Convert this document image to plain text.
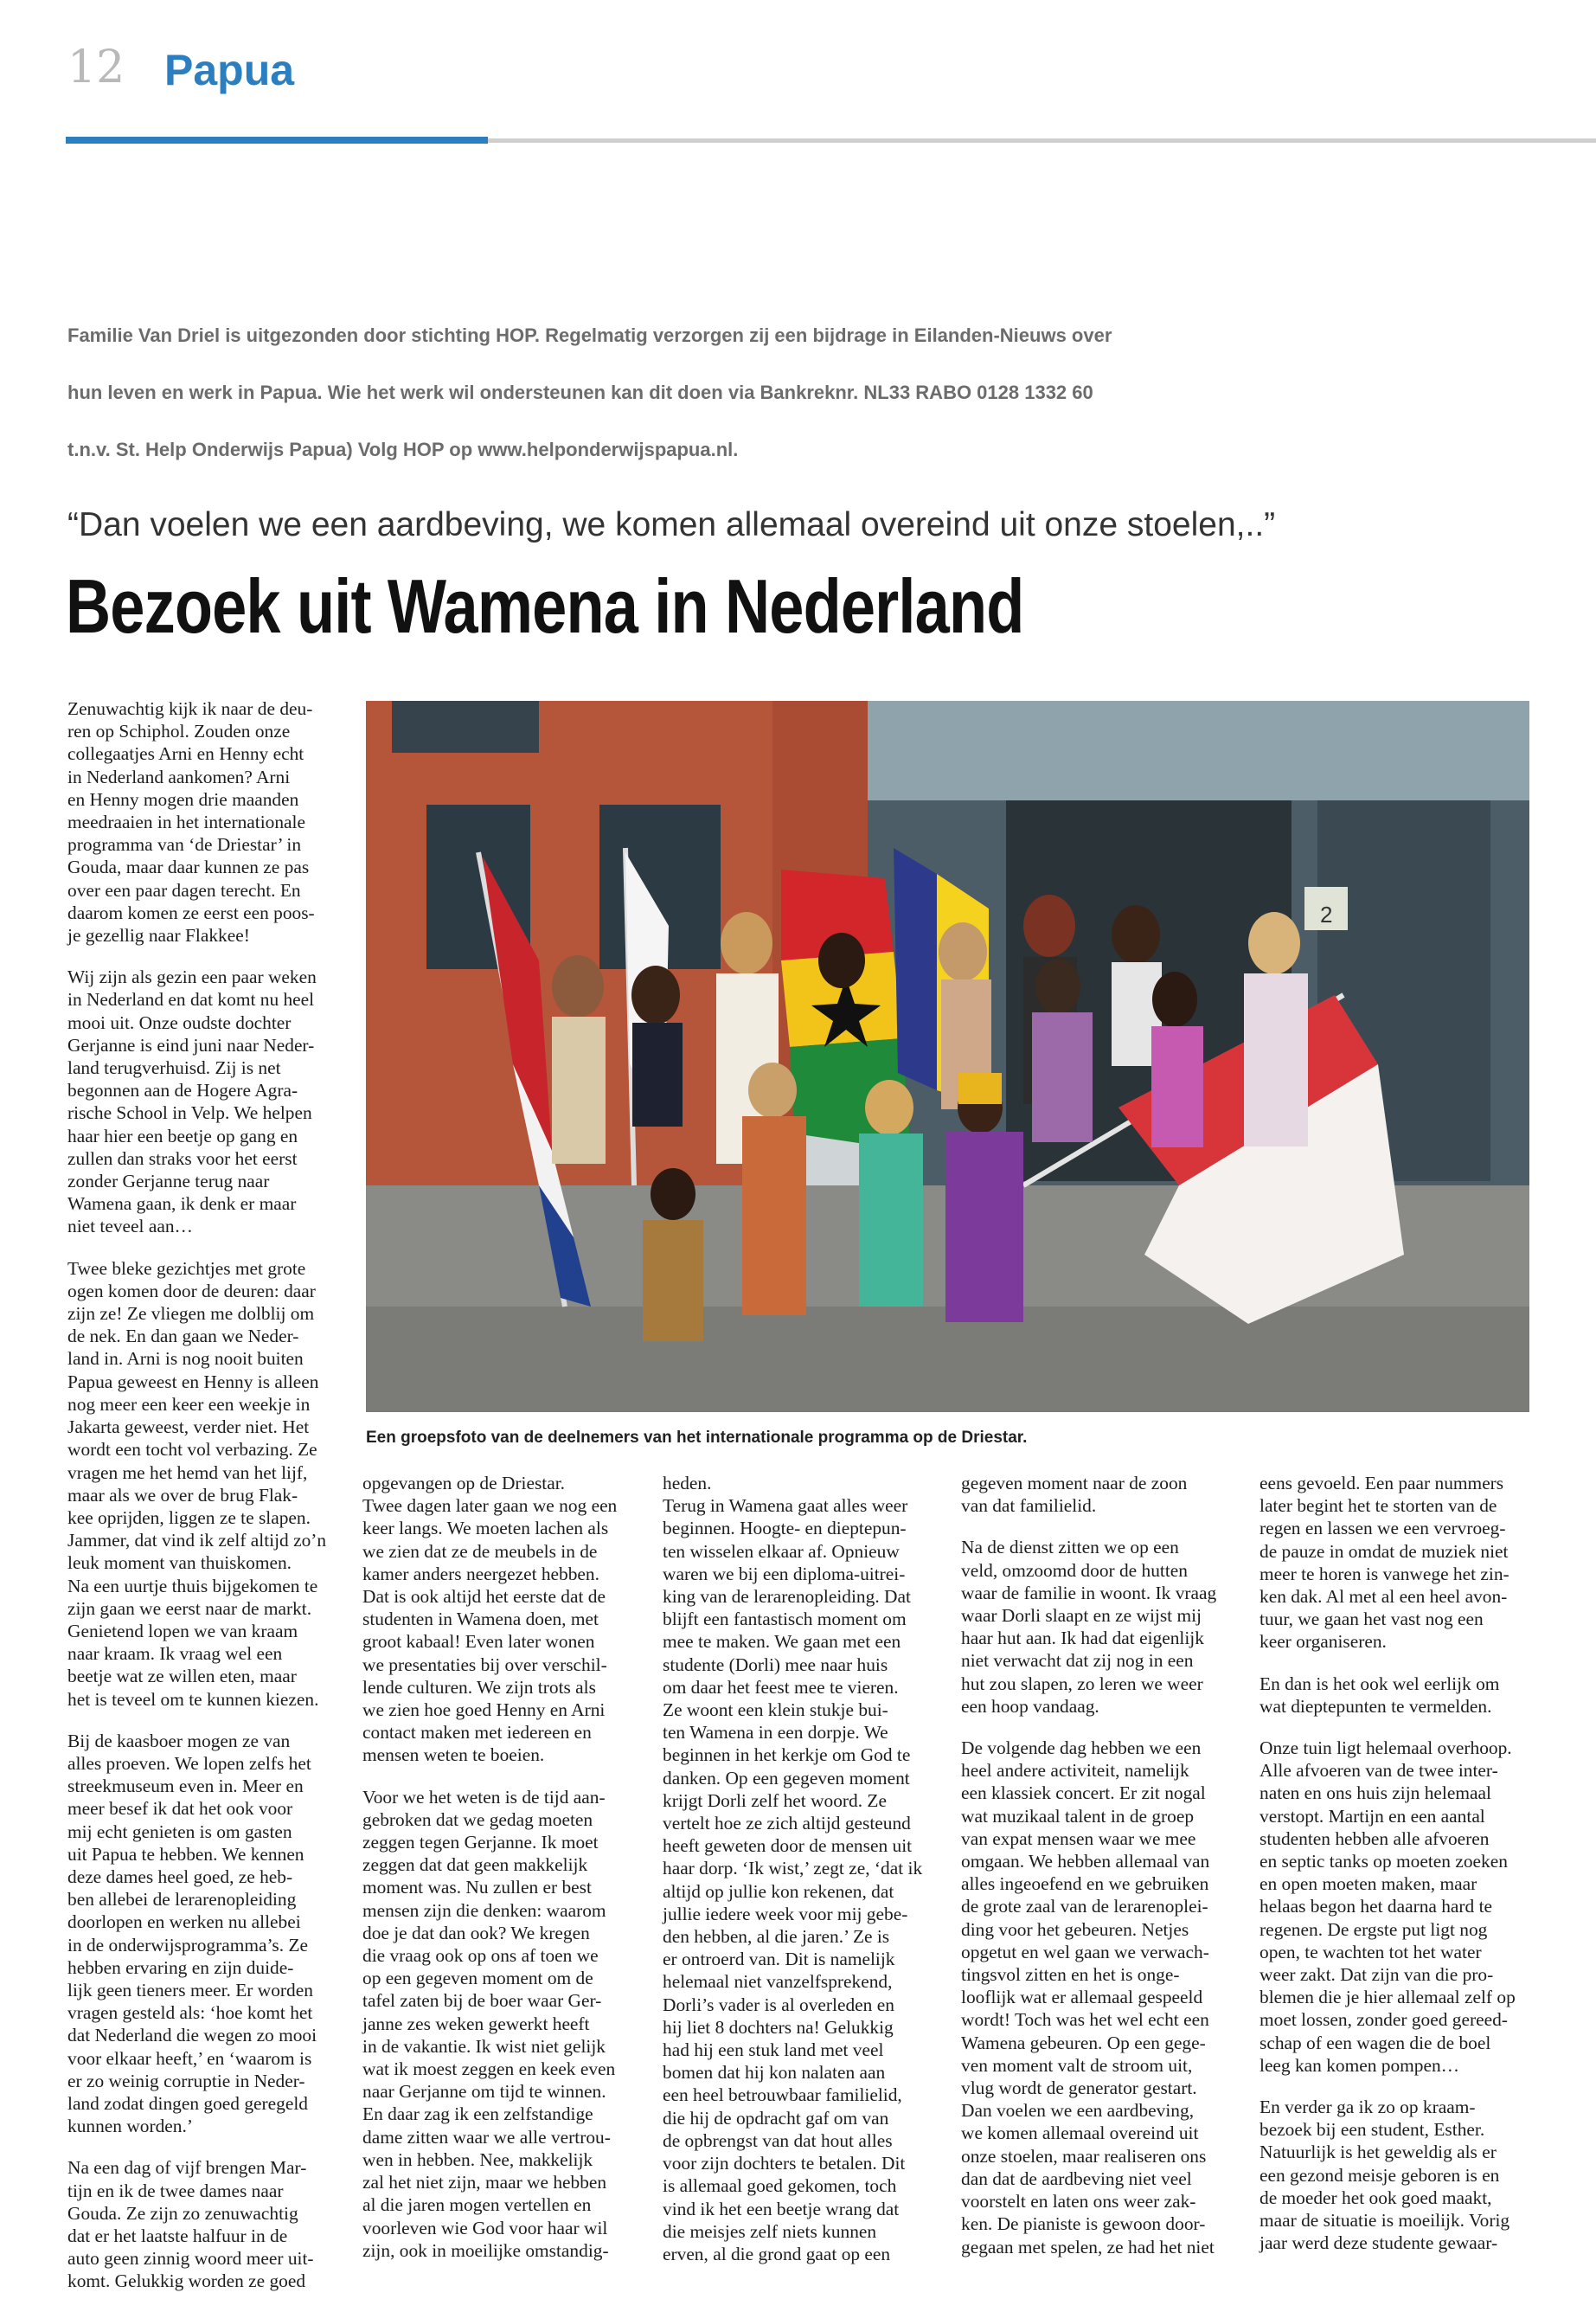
12 Papua
Familie Van Driel is uitgezonden door stichting HOP. Regelmatig verzorgen zij een bijdrage in Eilanden-Nieuws over
hun leven en werk in Papua. Wie het werk wil ondersteunen kan dit doen via Bankreknr. NL33 RABO 0128 1332 60
t.n.v. St. Help Onderwijs Papua) Volg HOP op www.helponderwijspapua.nl.
“Dan voelen we een aardbeving, we komen allemaal overeind uit onze stoelen,..”
Bezoek uit Wamena in Nederland

Zenuwachtig kijk ik naar de deu-
ren op Schiphol. Zouden onze
collegaatjes Arni en Henny echt
in Nederland aankomen? Arni
en Henny mogen drie maanden
meedraaien in het internationale
programma van ‘de Driestar’ in
Gouda, maar daar kunnen ze pas
over een paar dagen terecht. En
daarom komen ze eerst een poos-
je gezellig naar Flakkee!

Wij zijn als gezin een paar weken
in Nederland en dat komt nu heel
mooi uit. Onze oudste dochter
Gerjanne is eind juni naar Neder-
land terugverhuisd. Zij is net
begonnen aan de Hogere Agra-
rische School in Velp. We helpen
haar hier een beetje op gang en
zullen dan straks voor het eerst
zonder Gerjanne terug naar
Wamena gaan, ik denk er maar
niet teveel aan…

Twee bleke gezichtjes met grote
ogen komen door de deuren: daar
zijn ze! Ze vliegen me dolblij om
de nek. En dan gaan we Neder-
land in. Arni is nog nooit buiten
Papua geweest en Henny is alleen
nog meer een keer een weekje in
Jakarta geweest, verder niet. Het
wordt een tocht vol verbazing. Ze
vragen me het hemd van het lijf,
maar als we over de brug Flak-
kee oprijden, liggen ze te slapen.
Jammer, dat vind ik zelf altijd zo’n
leuk moment van thuiskomen.
Na een uurtje thuis bijgekomen te
zijn gaan we eerst naar de markt.
Genietend lopen we van kraam
naar kraam. Ik vraag wel een
beetje wat ze willen eten, maar
het is teveel om te kunnen kiezen.

Bij de kaasboer mogen ze van
alles proeven. We lopen zelfs het
streekmuseum even in. Meer en
meer besef ik dat het ook voor
mij echt genieten is om gasten
uit Papua te hebben. We kennen
deze dames heel goed, ze heb-
ben allebei de lerarenopleiding
doorlopen en werken nu allebei
in de onderwijsprogramma’s. Ze
hebben ervaring en zijn duide-
lijk geen tieners meer. Er worden
vragen gesteld als: ‘hoe komt het
dat Nederland die wegen zo mooi
voor elkaar heeft,’ en ‘waarom is
er zo weinig corruptie in Neder-
land zodat dingen goed geregeld
kunnen worden.’

Na een dag of vijf brengen Mar-
tijn en ik de twee dames naar
Gouda. Ze zijn zo zenuwachtig
dat er het laatste halfuur in de
auto geen zinnig woord meer uit-
komt. Gelukkig worden ze goed

2
Een groepsfoto van de deelnemers van het internationale programma op de Driestar.

opgevangen op de Driestar.
Twee dagen later gaan we nog een
keer langs. We moeten lachen als
we zien dat ze de meubels in de
kamer anders neergezet hebben.
Dat is ook altijd het eerste dat de
studenten in Wamena doen, met
groot kabaal! Even later wonen
we presentaties bij over verschil-
lende culturen. We zijn trots als
we zien hoe goed Henny en Arni
contact maken met iedereen en
mensen weten te boeien.

Voor we het weten is de tijd aan-
gebroken dat we gedag moeten
zeggen tegen Gerjanne. Ik moet
zeggen dat dat geen makkelijk
moment was. Nu zullen er best
mensen zijn die denken: waarom
doe je dat dan ook? We kregen
die vraag ook op ons af toen we
op een gegeven moment om de
tafel zaten bij de boer waar Ger-
janne zes weken gewerkt heeft
in de vakantie. Ik wist niet gelijk
wat ik moest zeggen en keek even
naar Gerjanne om tijd te winnen.
En daar zag ik een zelfstandige
dame zitten waar we alle vertrou-
wen in hebben. Nee, makkelijk
zal het niet zijn, maar we hebben
al die jaren mogen vertellen en
voorleven wie God voor haar wil
zijn, ook in moeilijke omstandig-

heden.
Terug in Wamena gaat alles weer
beginnen. Hoogte- en dieptepun-
ten wisselen elkaar af. Opnieuw
waren we bij een diploma-uitrei-
king van de lerarenopleiding. Dat
blijft een fantastisch moment om
mee te maken. We gaan met een
studente (Dorli) mee naar huis
om daar het feest mee te vieren.
Ze woont een klein stukje bui-
ten Wamena in een dorpje. We
beginnen in het kerkje om God te
danken. Op een gegeven moment
krijgt Dorli zelf het woord. Ze
vertelt hoe ze zich altijd gesteund
heeft geweten door de mensen uit
haar dorp. ‘Ik wist,’ zegt ze, ‘dat ik
altijd op jullie kon rekenen, dat
jullie iedere week voor mij gebe-
den hebben, al die jaren.’ Ze is
er ontroerd van. Dit is namelijk
helemaal niet vanzelfsprekend,
Dorli’s vader is al overleden en
hij liet 8 dochters na! Gelukkig
had hij een stuk land met veel
bomen dat hij kon nalaten aan
een heel betrouwbaar familielid,
die hij de opdracht gaf om van
de opbrengst van dat hout alles
voor zijn dochters te betalen. Dit
is allemaal goed gekomen, toch
vind ik het een beetje wrang dat
die meisjes zelf niets kunnen
erven, al die grond gaat op een

gegeven moment naar de zoon
van dat familielid.

Na de dienst zitten we op een
veld, omzoomd door de hutten
waar de familie in woont. Ik vraag
waar Dorli slaapt en ze wijst mij
haar hut aan. Ik had dat eigenlijk
niet verwacht dat zij nog in een
hut zou slapen, zo leren we weer
een hoop vandaag.

De volgende dag hebben we een
heel andere activiteit, namelijk
een klassiek concert. Er zit nogal
wat muzikaal talent in de groep
van expat mensen waar we mee
omgaan. We hebben allemaal van
alles ingeoefend en we gebruiken
de grote zaal van de lerarenoplei-
ding voor het gebeuren. Netjes
opgetut en wel gaan we verwach-
tingsvol zitten en het is onge-
looflijk wat er allemaal gespeeld
wordt! Toch was het wel echt een
Wamena gebeuren. Op een gege-
ven moment valt de stroom uit,
vlug wordt de generator gestart.
Dan voelen we een aardbeving,
we komen allemaal overeind uit
onze stoelen, maar realiseren ons
dan dat de aardbeving niet veel
voorstelt en laten ons weer zak-
ken. De pianiste is gewoon door-
gegaan met spelen, ze had het niet

eens gevoeld. Een paar nummers
later begint het te storten van de
regen en lassen we een vervroeg-
de pauze in omdat de muziek niet
meer te horen is vanwege het zin-
ken dak. Al met al een heel avon-
tuur, we gaan het vast nog een
keer organiseren.

En dan is het ook wel eerlijk om
wat dieptepunten te vermelden.

Onze tuin ligt helemaal overhoop.
Alle afvoeren van de twee inter-
naten en ons huis zijn helemaal
verstopt. Martijn en een aantal
studenten hebben alle afvoeren
en septic tanks op moeten zoeken
en open moeten maken, maar
helaas begon het daarna hard te
regenen. De ergste put ligt nog
open, te wachten tot het water
weer zakt. Dat zijn van die pro-
blemen die je hier allemaal zelf op
moet lossen, zonder goed gereed-
schap of een wagen die de boel
leeg kan komen pompen…

En verder ga ik zo op kraam-
bezoek bij een student, Esther.
Natuurlijk is het geweldig als er
een gezond meisje geboren is en
de moeder het ook goed maakt,
maar de situatie is moeilijk. Vorig
jaar werd deze studente gewaar-
